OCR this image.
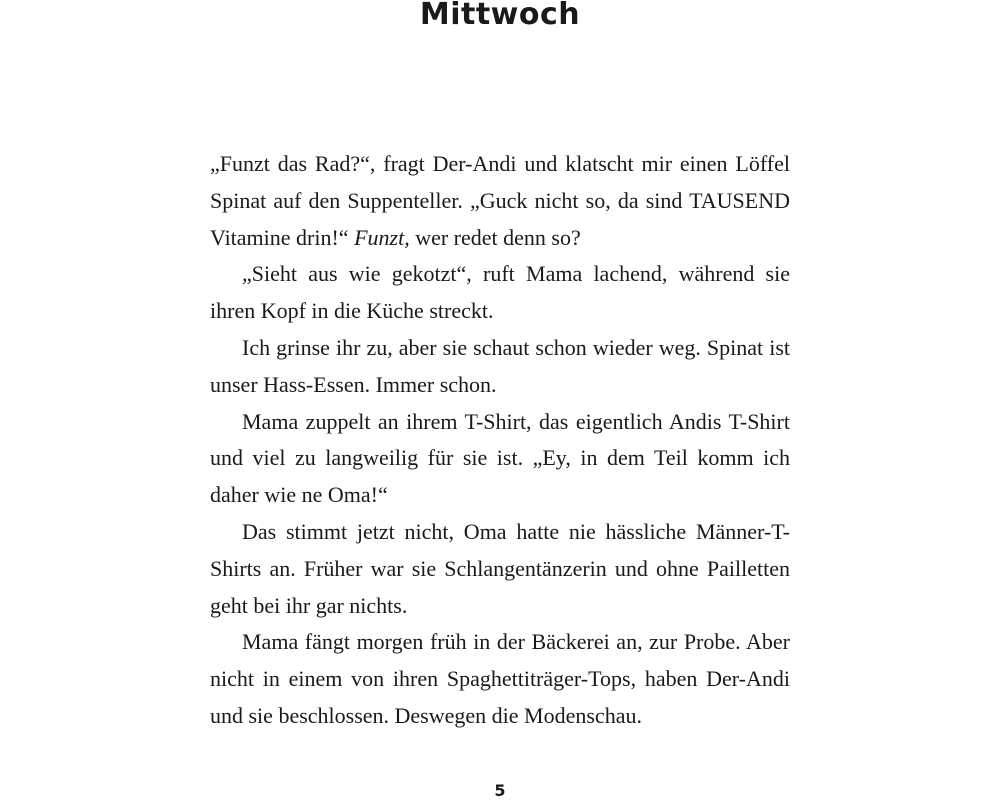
Mittwoch

„Funzt das Rad?“, fragt Der-Andi und klatscht mir einen Löffel Spinat auf den Suppenteller. „Guck nicht so, da sind TAUSEND Vitamine drin!“ Funzt, wer redet denn so?

„Sieht aus wie gekotzt“, ruft Mama lachend, während sie ihren Kopf in die Küche streckt.

Ich grinse ihr zu, aber sie schaut schon wieder weg. Spinat ist unser Hass-Essen. Immer schon.

Mama zuppelt an ihrem T-Shirt, das eigentlich Andis T-Shirt und viel zu langweilig für sie ist. „Ey, in dem Teil komm ich daher wie ne Oma!“

Das stimmt jetzt nicht, Oma hatte nie hässliche Männer-T-Shirts an. Früher war sie Schlangentänzerin und ohne Pailletten geht bei ihr gar nichts.

Mama fängt morgen früh in der Bäckerei an, zur Probe. Aber nicht in einem von ihren Spaghettiträger-Tops, haben Der-Andi und sie beschlossen. Deswegen die Modenschau.

5
